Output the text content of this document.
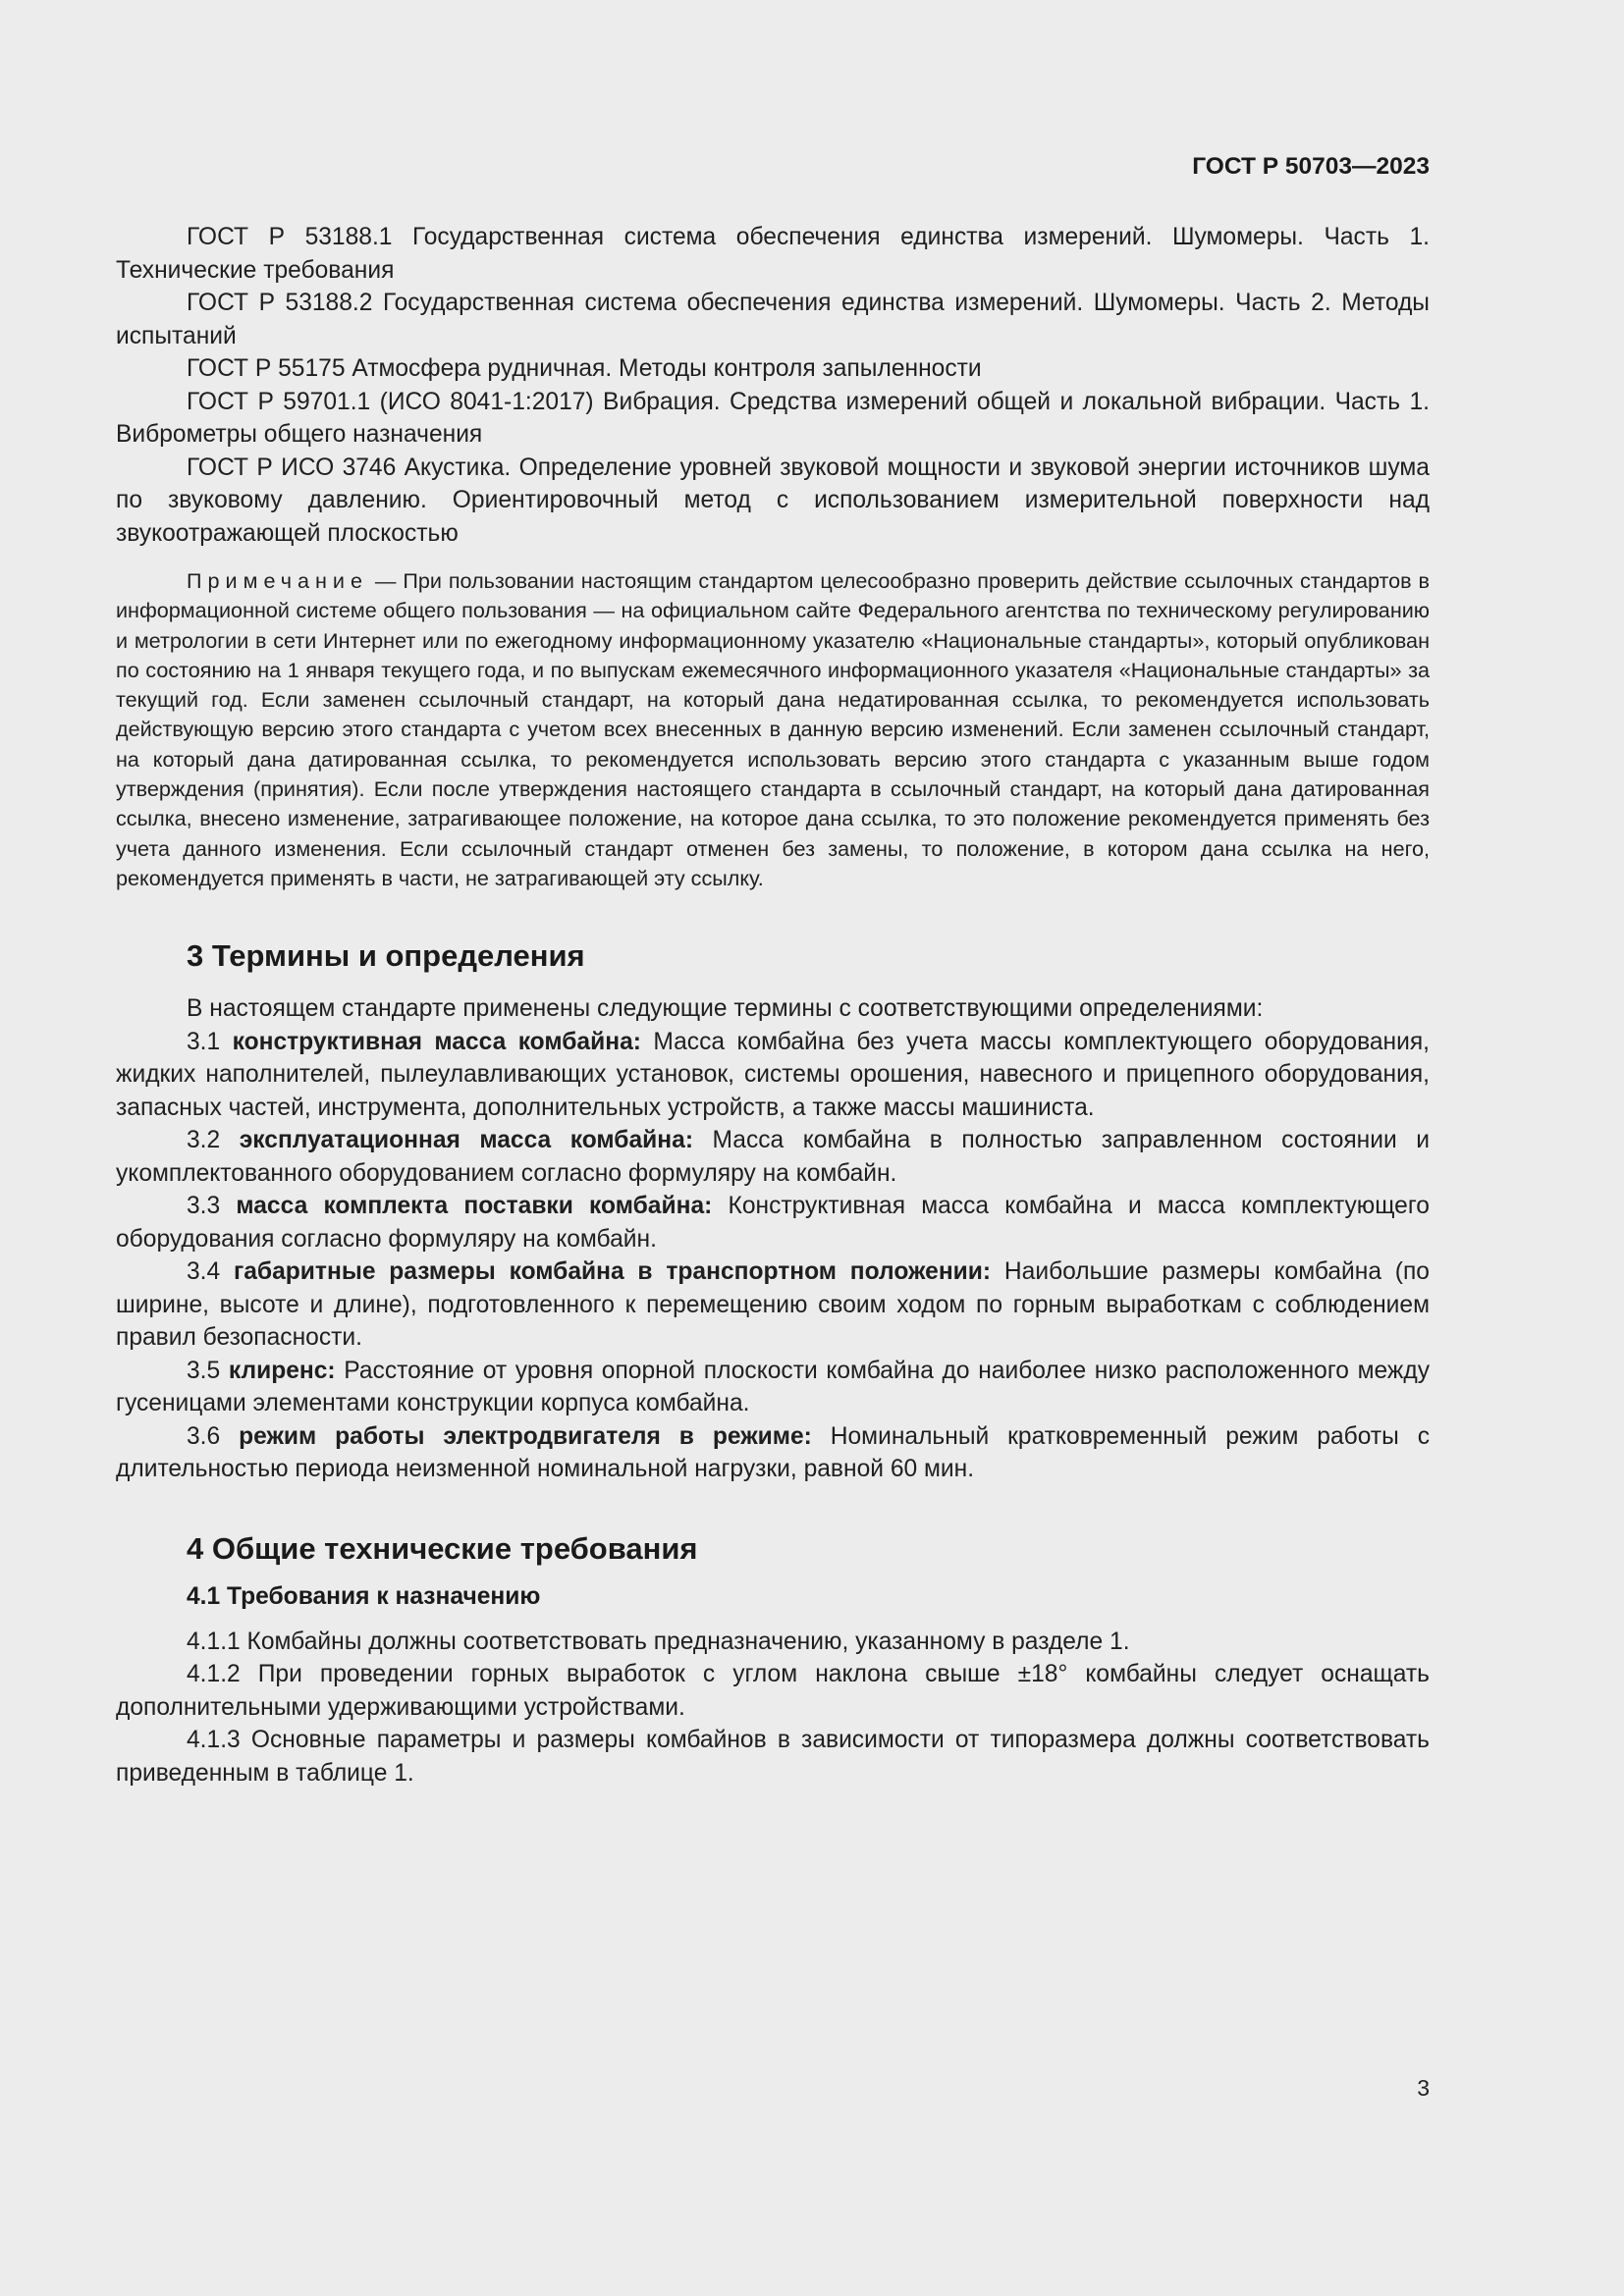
ГОСТ Р 50703—2023

ГОСТ Р 53188.1 Государственная система обеспечения единства измерений. Шумомеры. Часть 1. Технические требования

ГОСТ Р 53188.2 Государственная система обеспечения единства измерений. Шумомеры. Часть 2. Методы испытаний

ГОСТ Р 55175 Атмосфера рудничная. Методы контроля запыленности

ГОСТ Р 59701.1 (ИСО 8041-1:2017) Вибрация. Средства измерений общей и локальной вибрации. Часть 1. Виброметры общего назначения

ГОСТ Р ИСО 3746 Акустика. Определение уровней звуковой мощности и звуковой энергии источников шума по звуковому давлению. Ориентировочный метод с использованием измерительной поверхности над звукоотражающей плоскостью

Примечание — При пользовании настоящим стандартом целесообразно проверить действие ссылочных стандартов в информационной системе общего пользования — на официальном сайте Федерального агентства по техническому регулированию и метрологии в сети Интернет или по ежегодному информационному указателю «Национальные стандарты», который опубликован по состоянию на 1 января текущего года, и по выпускам ежемесячного информационного указателя «Национальные стандарты» за текущий год. Если заменен ссылочный стандарт, на который дана недатированная ссылка, то рекомендуется использовать действующую версию этого стандарта с учетом всех внесенных в данную версию изменений. Если заменен ссылочный стандарт, на который дана датированная ссылка, то рекомендуется использовать версию этого стандарта с указанным выше годом утверждения (принятия). Если после утверждения настоящего стандарта в ссылочный стандарт, на который дана датированная ссылка, внесено изменение, затрагивающее положение, на которое дана ссылка, то это положение рекомендуется применять без учета данного изменения. Если ссылочный стандарт отменен без замены, то положение, в котором дана ссылка на него, рекомендуется применять в части, не затрагивающей эту ссылку.

3 Термины и определения

В настоящем стандарте применены следующие термины с соответствующими определениями:

3.1 конструктивная масса комбайна: Масса комбайна без учета массы комплектующего оборудования, жидких наполнителей, пылеулавливающих установок, системы орошения, навесного и прицепного оборудования, запасных частей, инструмента, дополнительных устройств, а также массы машиниста.

3.2 эксплуатационная масса комбайна: Масса комбайна в полностью заправленном состоянии и укомплектованного оборудованием согласно формуляру на комбайн.

3.3 масса комплекта поставки комбайна: Конструктивная масса комбайна и масса комплектующего оборудования согласно формуляру на комбайн.

3.4 габаритные размеры комбайна в транспортном положении: Наибольшие размеры комбайна (по ширине, высоте и длине), подготовленного к перемещению своим ходом по горным выработкам с соблюдением правил безопасности.

3.5 клиренс: Расстояние от уровня опорной плоскости комбайна до наиболее низко расположенного между гусеницами элементами конструкции корпуса комбайна.

3.6 режим работы электродвигателя в режиме: Номинальный кратковременный режим работы с длительностью периода неизменной номинальной нагрузки, равной 60 мин.

4 Общие технические требования
4.1 Требования к назначению

4.1.1 Комбайны должны соответствовать предназначению, указанному в разделе 1.

4.1.2 При проведении горных выработок с углом наклона свыше ±18° комбайны следует оснащать дополнительными удерживающими устройствами.

4.1.3 Основные параметры и размеры комбайнов в зависимости от типоразмера должны соответствовать приведенным в таблице 1.

3
